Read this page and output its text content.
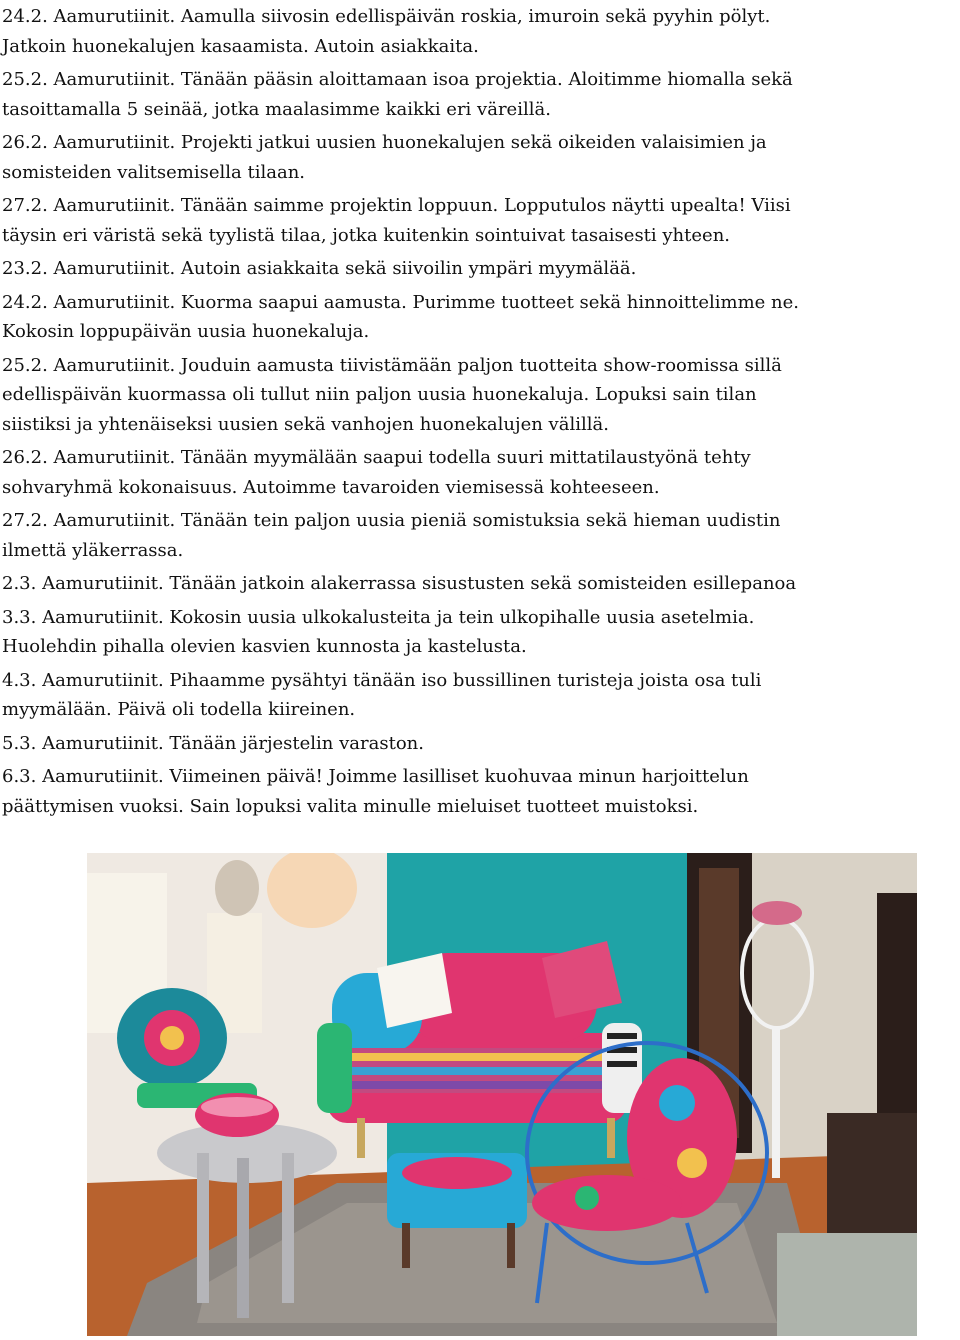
24.2. Aamurutiinit. Aamulla siivosin edellispäivän roskia, imuroin sekä pyyhin pölyt.

Jatkoin huonekalujen kasaamista. Autoin asiakkaita.

25.2. Aamurutiinit. Tänään pääsin aloittamaan isoa projektia. Aloitimme hiomalla sekä

tasoittamalla 5 seinää, jotka maalasimme kaikki eri väreillä.

26.2. Aamurutiinit. Projekti jatkui uusien huonekalujen sekä oikeiden valaisimien ja

somisteiden valitsemisella tilaan.

27.2. Aamurutiinit. Tänään saimme projektin loppuun. Lopputulos näytti upealta! Viisi

täysin eri väristä sekä tyylistä tilaa, jotka kuitenkin sointuivat tasaisesti yhteen.

23.2. Aamurutiinit. Autoin asiakkaita sekä siivoilin ympäri myymälää.

24.2. Aamurutiinit. Kuorma saapui aamusta. Purimme tuotteet sekä hinnoittelimme ne.

Kokosin loppupäivän uusia huonekaluja.

25.2. Aamurutiinit. Jouduin aamusta tiivistämään paljon tuotteita show-roomissa sillä

edellispäivän kuormassa oli tullut niin paljon uusia huonekaluja. Lopuksi sain tilan

siistiksi ja yhtenäiseksi uusien sekä vanhojen huonekalujen välillä.

26.2. Aamurutiinit. Tänään myymälään saapui todella suuri mittatilaustyönä tehty

sohvaryhmä kokonaisuus. Autoimme tavaroiden viemisessä kohteeseen.

27.2. Aamurutiinit. Tänään tein paljon uusia pieniä somistuksia sekä hieman uudistin

ilmettä yläkerrassa.

2.3. Aamurutiinit. Tänään jatkoin alakerrassa sisustusten sekä somisteiden esillepanoa

3.3. Aamurutiinit. Kokosin uusia ulkokalusteita ja tein ulkopihalle uusia asetelmia.

Huolehdin pihalla olevien kasvien kunnosta ja kastelusta.

4.3. Aamurutiinit. Pihaamme pysähtyi tänään iso bussillinen turisteja joista osa tuli

myymälään. Päivä oli todella kiireinen.

5.3. Aamurutiinit. Tänään järjestelin varaston.

6.3. Aamurutiinit. Viimeinen päivä! Joimme lasilliset kuohuvaa minun harjoittelun

päättymisen vuoksi. Sain lopuksi valita minulle mieluiset tuotteet muistoksi.
